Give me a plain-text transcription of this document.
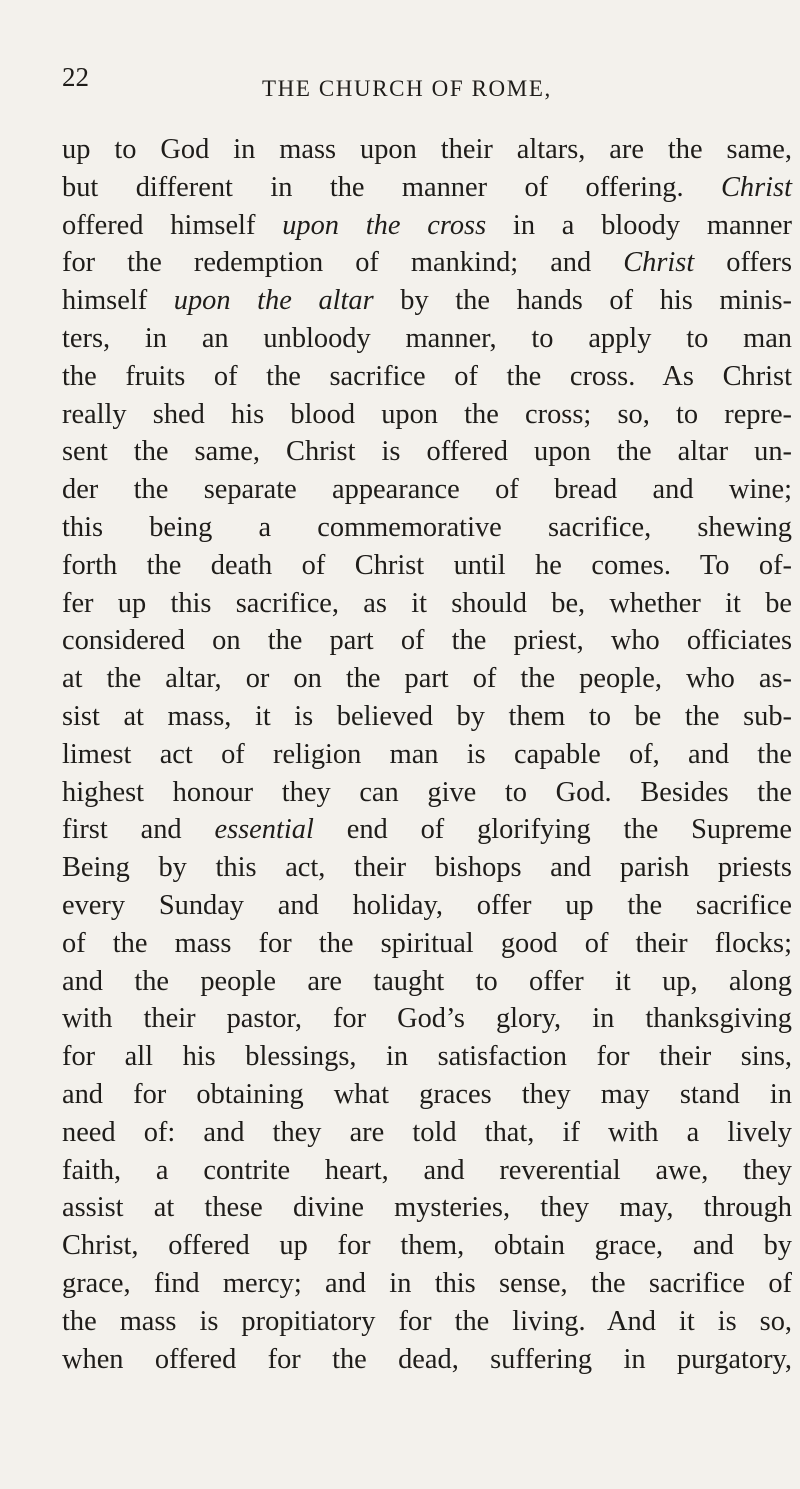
22	THE CHURCH OF ROME,
up to God in mass upon their altars, are the same,
but different in the manner of offering. Christ
offered himself upon the cross in a bloody manner
for the redemption of mankind; and Christ offers
himself upon the altar by the hands of his minis-
ters, in an unbloody manner, to apply to man
the fruits of the sacrifice of the cross. As Christ
really shed his blood upon the cross; so, to repre-
sent the same, Christ is offered upon the altar un-
der the separate appearance of bread and wine;
this being a commemorative sacrifice, shewing
forth the death of Christ until he comes. To of-
fer up this sacrifice, as it should be, whether it be
considered on the part of the priest, who officiates
at the altar, or on the part of the people, who as-
sist at mass, it is believed by them to be the sub-
limest act of religion man is capable of, and the
highest honour they can give to God. Besides the
first and essential end of glorifying the Supreme
Being by this act, their bishops and parish priests
every Sunday and holiday, offer up the sacrifice
of the mass for the spiritual good of their flocks;
and the people are taught to offer it up, along
with their pastor, for God’s glory, in thanksgiving
for all his blessings, in satisfaction for their sins,
and for obtaining what graces they may stand in
need of: and they are told that, if with a lively
faith, a contrite heart, and reverential awe, they
assist at these divine mysteries, they may, through
Christ, offered up for them, obtain grace, and by
grace, find mercy; and in this sense, the sacrifice of
the mass is propitiatory for the living. And it is so,
when offered for the dead, suffering in purgatory,
